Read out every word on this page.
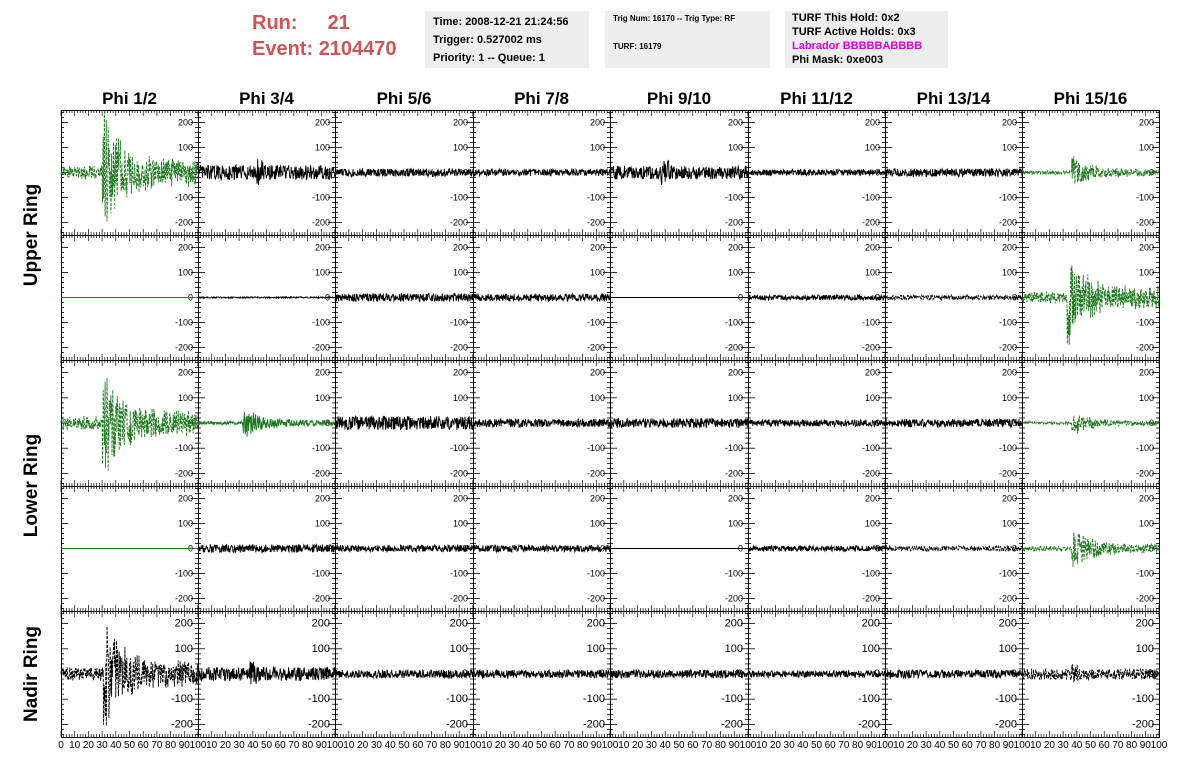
Run: 21
Event: 2104470
Time: 2008-12-21 21:24:56
Trigger: 0.527002 ms
Priority: 1 -- Queue: 1
Trig Num: 16170 -- Trig Type: RF
TURF: 16179
TURF This Hold: 0x2
TURF Active Holds: 0x3
Labrador BBBBBABBBB
Phi Mask: 0xe003
Phi 1/2	Phi 3/4	Phi 5/6	Phi 7/8	Phi 9/10	Phi 11/12	Phi 13/14	Phi 15/16
Upper Ring
Lower Ring
Nadir Ring
200
100
0
-100
-200
200
100
0
-100
-200
200
100
0
-100
-200
200
100
0
-100
-200
200
100
0
-100
-200
200
100
0
-100
-200
200
100
0
-100
-200
200
100
0
-100
-200
200
100
0
-100
-200
200
100
0
-100
-200
200
100
0
-100
-200
200
100
0
-100
-200
200
100
0
-100
-200
200
100
0
-100
-200
200
100
0
-100
-200
200
100
0
-100
-200
200
100
0
-100
-200
200
100
0
-100
-200
200
100
0
-100
-200
200
100
0
-100
-200
200
100
0
-100
-200
200
100
0
-100
-200
200
100
0
-100
-200
200
100
0
-100
-200
200
100
0
-100
-200
200
100
0
-100
-200
200
100
0
-100
-200
200
100
0
-100
-200
200
100
0
-100
-200
200
100
0
-100
-200
200
100
0
-100
-200
200
100
0
-100
-200
200
100
0
-100
-200
200
100
0
-100
-200
200
100
0
-100
-200
200
100
0
-100
-200
200
100
0
-100
-200
200
100
0
-100
-200
200
100
0
-100
-200
200
100
0
-100
-200
0 10 20 30 40 50 60 70 80 90 100 10 20 30 40 50 60 70 80 90 100 10 20 30 40 50 60 70 80 90 100 10 20 30 40 50 60 70 80 90 100 10 20 30 40 50 60 70 80 90 100 10 20 30 40 50 60 70 80 90 100 10 20 30 40 50 60 70 80 90 100 10 20 30 40 50 60 70 80 90 100
